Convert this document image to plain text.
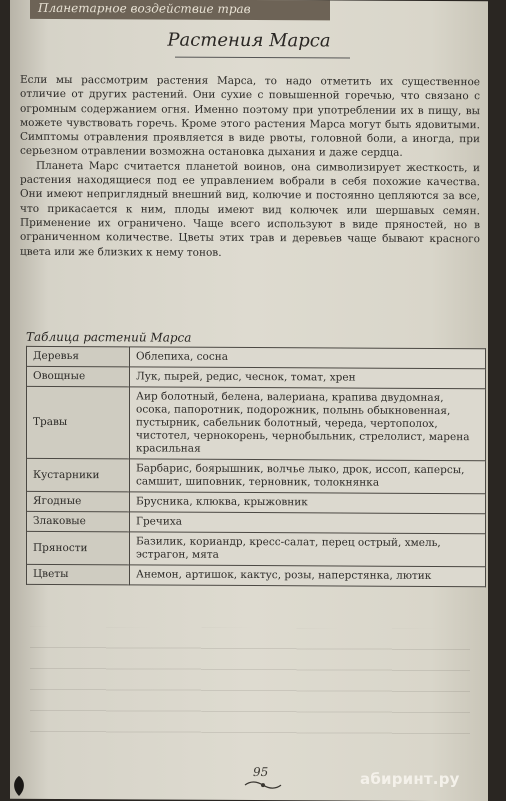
Планетарное воздействие трав
Растения Марса

Если мы рассмотрим растения Марса, то надо отметить их существенное отличие от других растений. Они сухие с повышенной горечью, что связано с огромным содержанием огня. Именно поэтому при употреблении их в пищу, вы можете чувствовать горечь. Кроме этого растения Марса могут быть ядовитыми. Симптомы отравления проявляется в виде рвоты, головной боли, а иногда, при серьезном отравлении возможна остановка дыхания и даже сердца.

Планета Марс считается планетой воинов, она символизирует жесткость, и растения находящиеся под ее управлением вобрали в себя похожие качества. Они имеют неприглядный внешний вид, колючие и постоянно цепляются за все, что прикасается к ним, плоды имеют вид колючек или шершавых семян. Применение их ограничено. Чаще всего используют в виде пряностей, но в ограниченном количестве. Цветы этих трав и деревьев чаще бывают красного цвета или же близких к нему тонов.

Таблица растений Марса
Деревья	Облепиха, сосна
Овощные	Лук, пырей, редис, чеснок, томат, хрен
Травы	Аир болотный, белена, валериана, крапива двудомная, осока, папоротник, подорожник, полынь обыкновенная, пустырник, сабельник болотный, череда, чертополох, чистотел, чернокорень, чернобыльник, стрелолист, марена красильная
Кустарники	Барбарис, боярышник, волчье лыко, дрок, иссоп, каперсы, самшит, шиповник, терновник, толокнянка
Ягодные	Брусника, клюква, крыжовник
Злаковые	Гречиха
Пряности	Базилик, кориандр, кресс-салат, перец острый, хмель, эстрагон, мята
Цветы	Анемон, артишок, кактус, розы, наперстянка, лютик
95	абиринт.ру
